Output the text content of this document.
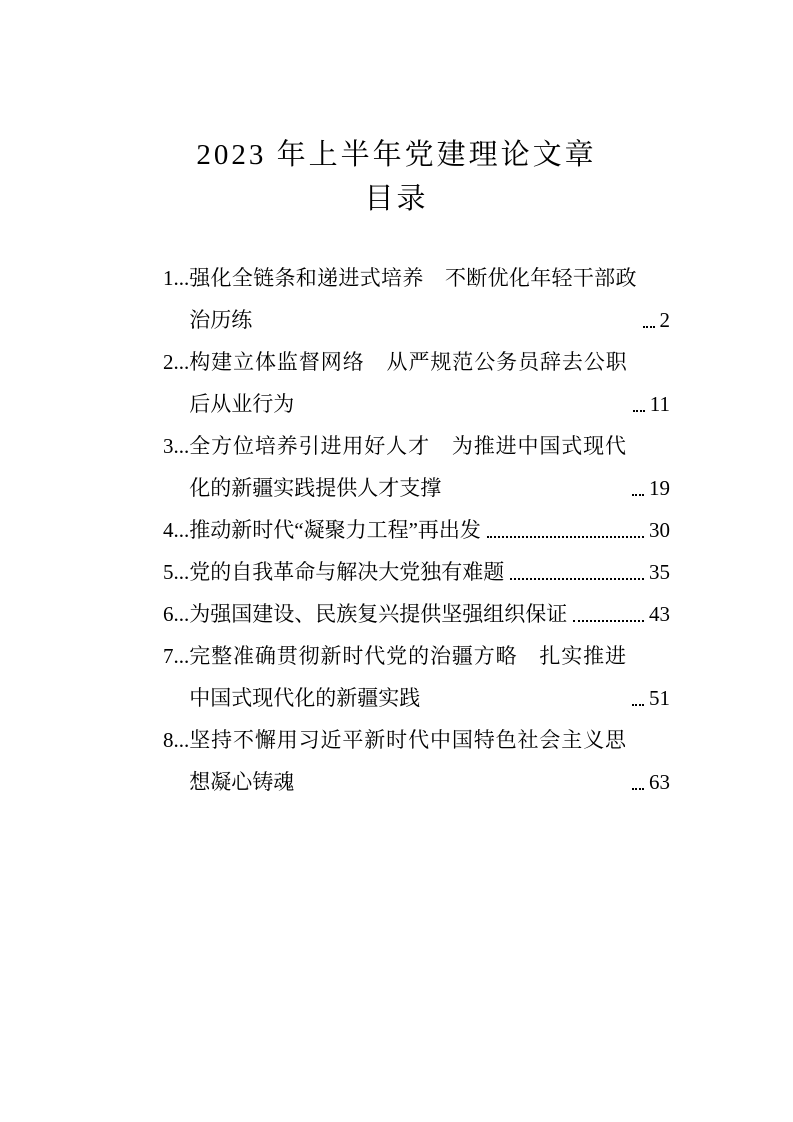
2023 年上半年党建理论文章
目录
1... 强化全链条和递进式培养　不断优化年轻干部政治历练	2
2... 构建立体监督网络　从严规范公务员辞去公职后从业行为	11
3... 全方位培养引进用好人才　为推进中国式现代化的新疆实践提供人才支撑	19
4... 推动新时代“凝聚力工程”再出发	30
5... 党的自我革命与解决大党独有难题	35
6... 为强国建设、民族复兴提供坚强组织保证	43
7... 完整准确贯彻新时代党的治疆方略　扎实推进中国式现代化的新疆实践	51
8... 坚持不懈用习近平新时代中国特色社会主义思想凝心铸魂	63
